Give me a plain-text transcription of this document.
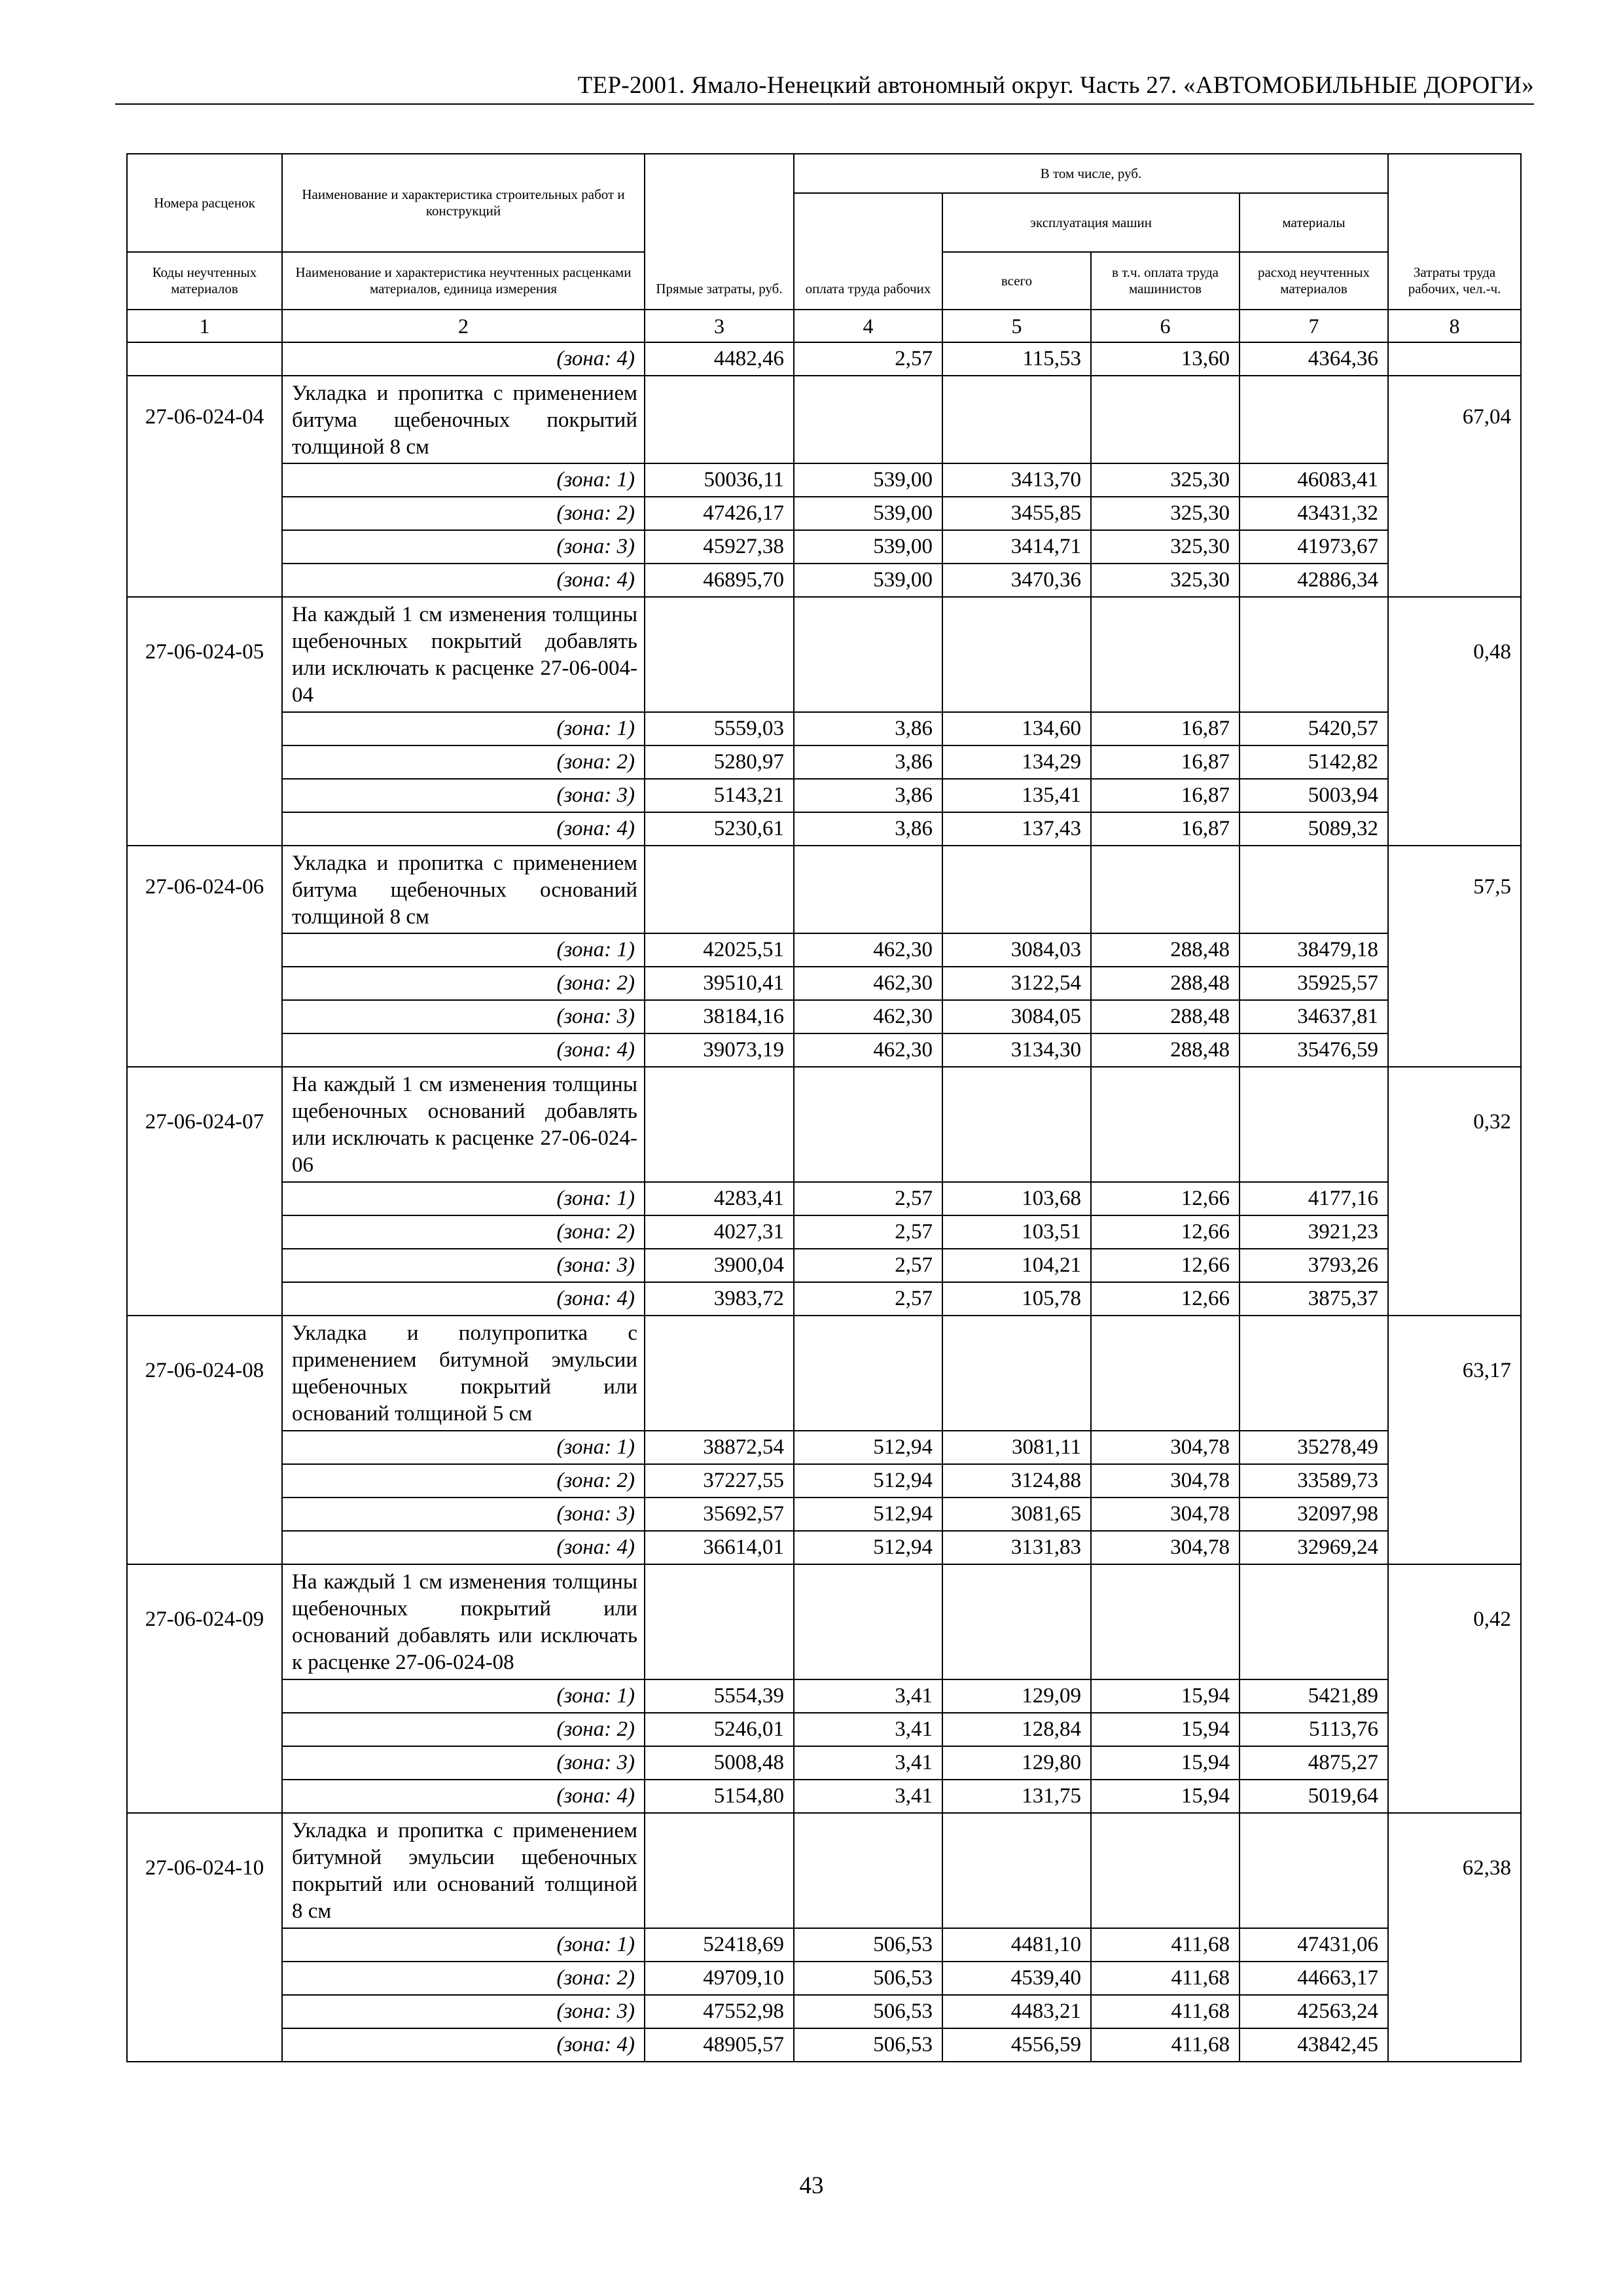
ТЕР-2001. Ямало-Ненецкий автономный округ. Часть 27. «АВТОМОБИЛЬНЫЕ ДОРОГИ»
Номера расценок	Наименование и характеристика строительных работ и конструкций	Прямые затраты, руб.	В том числе, руб.				Затраты труда рабочих, чел.-ч.
			оплата труда рабочих	эксплуатация машин		материалы	
Коды неучтенных материалов	Наименование и характеристика неучтенных расценками материалов, единица измерения			всего	в т.ч. оплата труда машинистов	расход неучтенных материалов	
1	2	3	4	5	6	7	8
	(зона: 4)	4482,46	2,57	115,53	13,60	4364,36	
27-06-024-04	Укладка и пропитка с применением битума щебеночных покрытий толщиной 8 см						67,04
	(зона: 1)	50036,11	539,00	3413,70	325,30	46083,41	
	(зона: 2)	47426,17	539,00	3455,85	325,30	43431,32	
	(зона: 3)	45927,38	539,00	3414,71	325,30	41973,67	
	(зона: 4)	46895,70	539,00	3470,36	325,30	42886,34	
27-06-024-05	На каждый 1 см изменения толщины щебеночных покрытий добавлять или исключать к расценке 27-06-004-04						0,48
	(зона: 1)	5559,03	3,86	134,60	16,87	5420,57	
	(зона: 2)	5280,97	3,86	134,29	16,87	5142,82	
	(зона: 3)	5143,21	3,86	135,41	16,87	5003,94	
	(зона: 4)	5230,61	3,86	137,43	16,87	5089,32	
27-06-024-06	Укладка и пропитка с применением битума щебеночных оснований толщиной 8 см						57,5
	(зона: 1)	42025,51	462,30	3084,03	288,48	38479,18	
	(зона: 2)	39510,41	462,30	3122,54	288,48	35925,57	
	(зона: 3)	38184,16	462,30	3084,05	288,48	34637,81	
	(зона: 4)	39073,19	462,30	3134,30	288,48	35476,59	
27-06-024-07	На каждый 1 см изменения толщины щебеночных оснований добавлять или исключать к расценке 27-06-024-06						0,32
	(зона: 1)	4283,41	2,57	103,68	12,66	4177,16	
	(зона: 2)	4027,31	2,57	103,51	12,66	3921,23	
	(зона: 3)	3900,04	2,57	104,21	12,66	3793,26	
	(зона: 4)	3983,72	2,57	105,78	12,66	3875,37	
27-06-024-08	Укладка и полупропитка с применением битумной эмульсии щебеночных покрытий или оснований толщиной 5 см						63,17
	(зона: 1)	38872,54	512,94	3081,11	304,78	35278,49	
	(зона: 2)	37227,55	512,94	3124,88	304,78	33589,73	
	(зона: 3)	35692,57	512,94	3081,65	304,78	32097,98	
	(зона: 4)	36614,01	512,94	3131,83	304,78	32969,24	
27-06-024-09	На каждый 1 см изменения толщины щебеночных покрытий или оснований добавлять или исключать к расценке 27-06-024-08						0,42
	(зона: 1)	5554,39	3,41	129,09	15,94	5421,89	
	(зона: 2)	5246,01	3,41	128,84	15,94	5113,76	
	(зона: 3)	5008,48	3,41	129,80	15,94	4875,27	
	(зона: 4)	5154,80	3,41	131,75	15,94	5019,64	
27-06-024-10	Укладка и пропитка с применением битумной эмульсии щебеночных покрытий или оснований толщиной 8 см						62,38
	(зона: 1)	52418,69	506,53	4481,10	411,68	47431,06	
	(зона: 2)	49709,10	506,53	4539,40	411,68	44663,17	
	(зона: 3)	47552,98	506,53	4483,21	411,68	42563,24	
	(зона: 4)	48905,57	506,53	4556,59	411,68	43842,45	
43
